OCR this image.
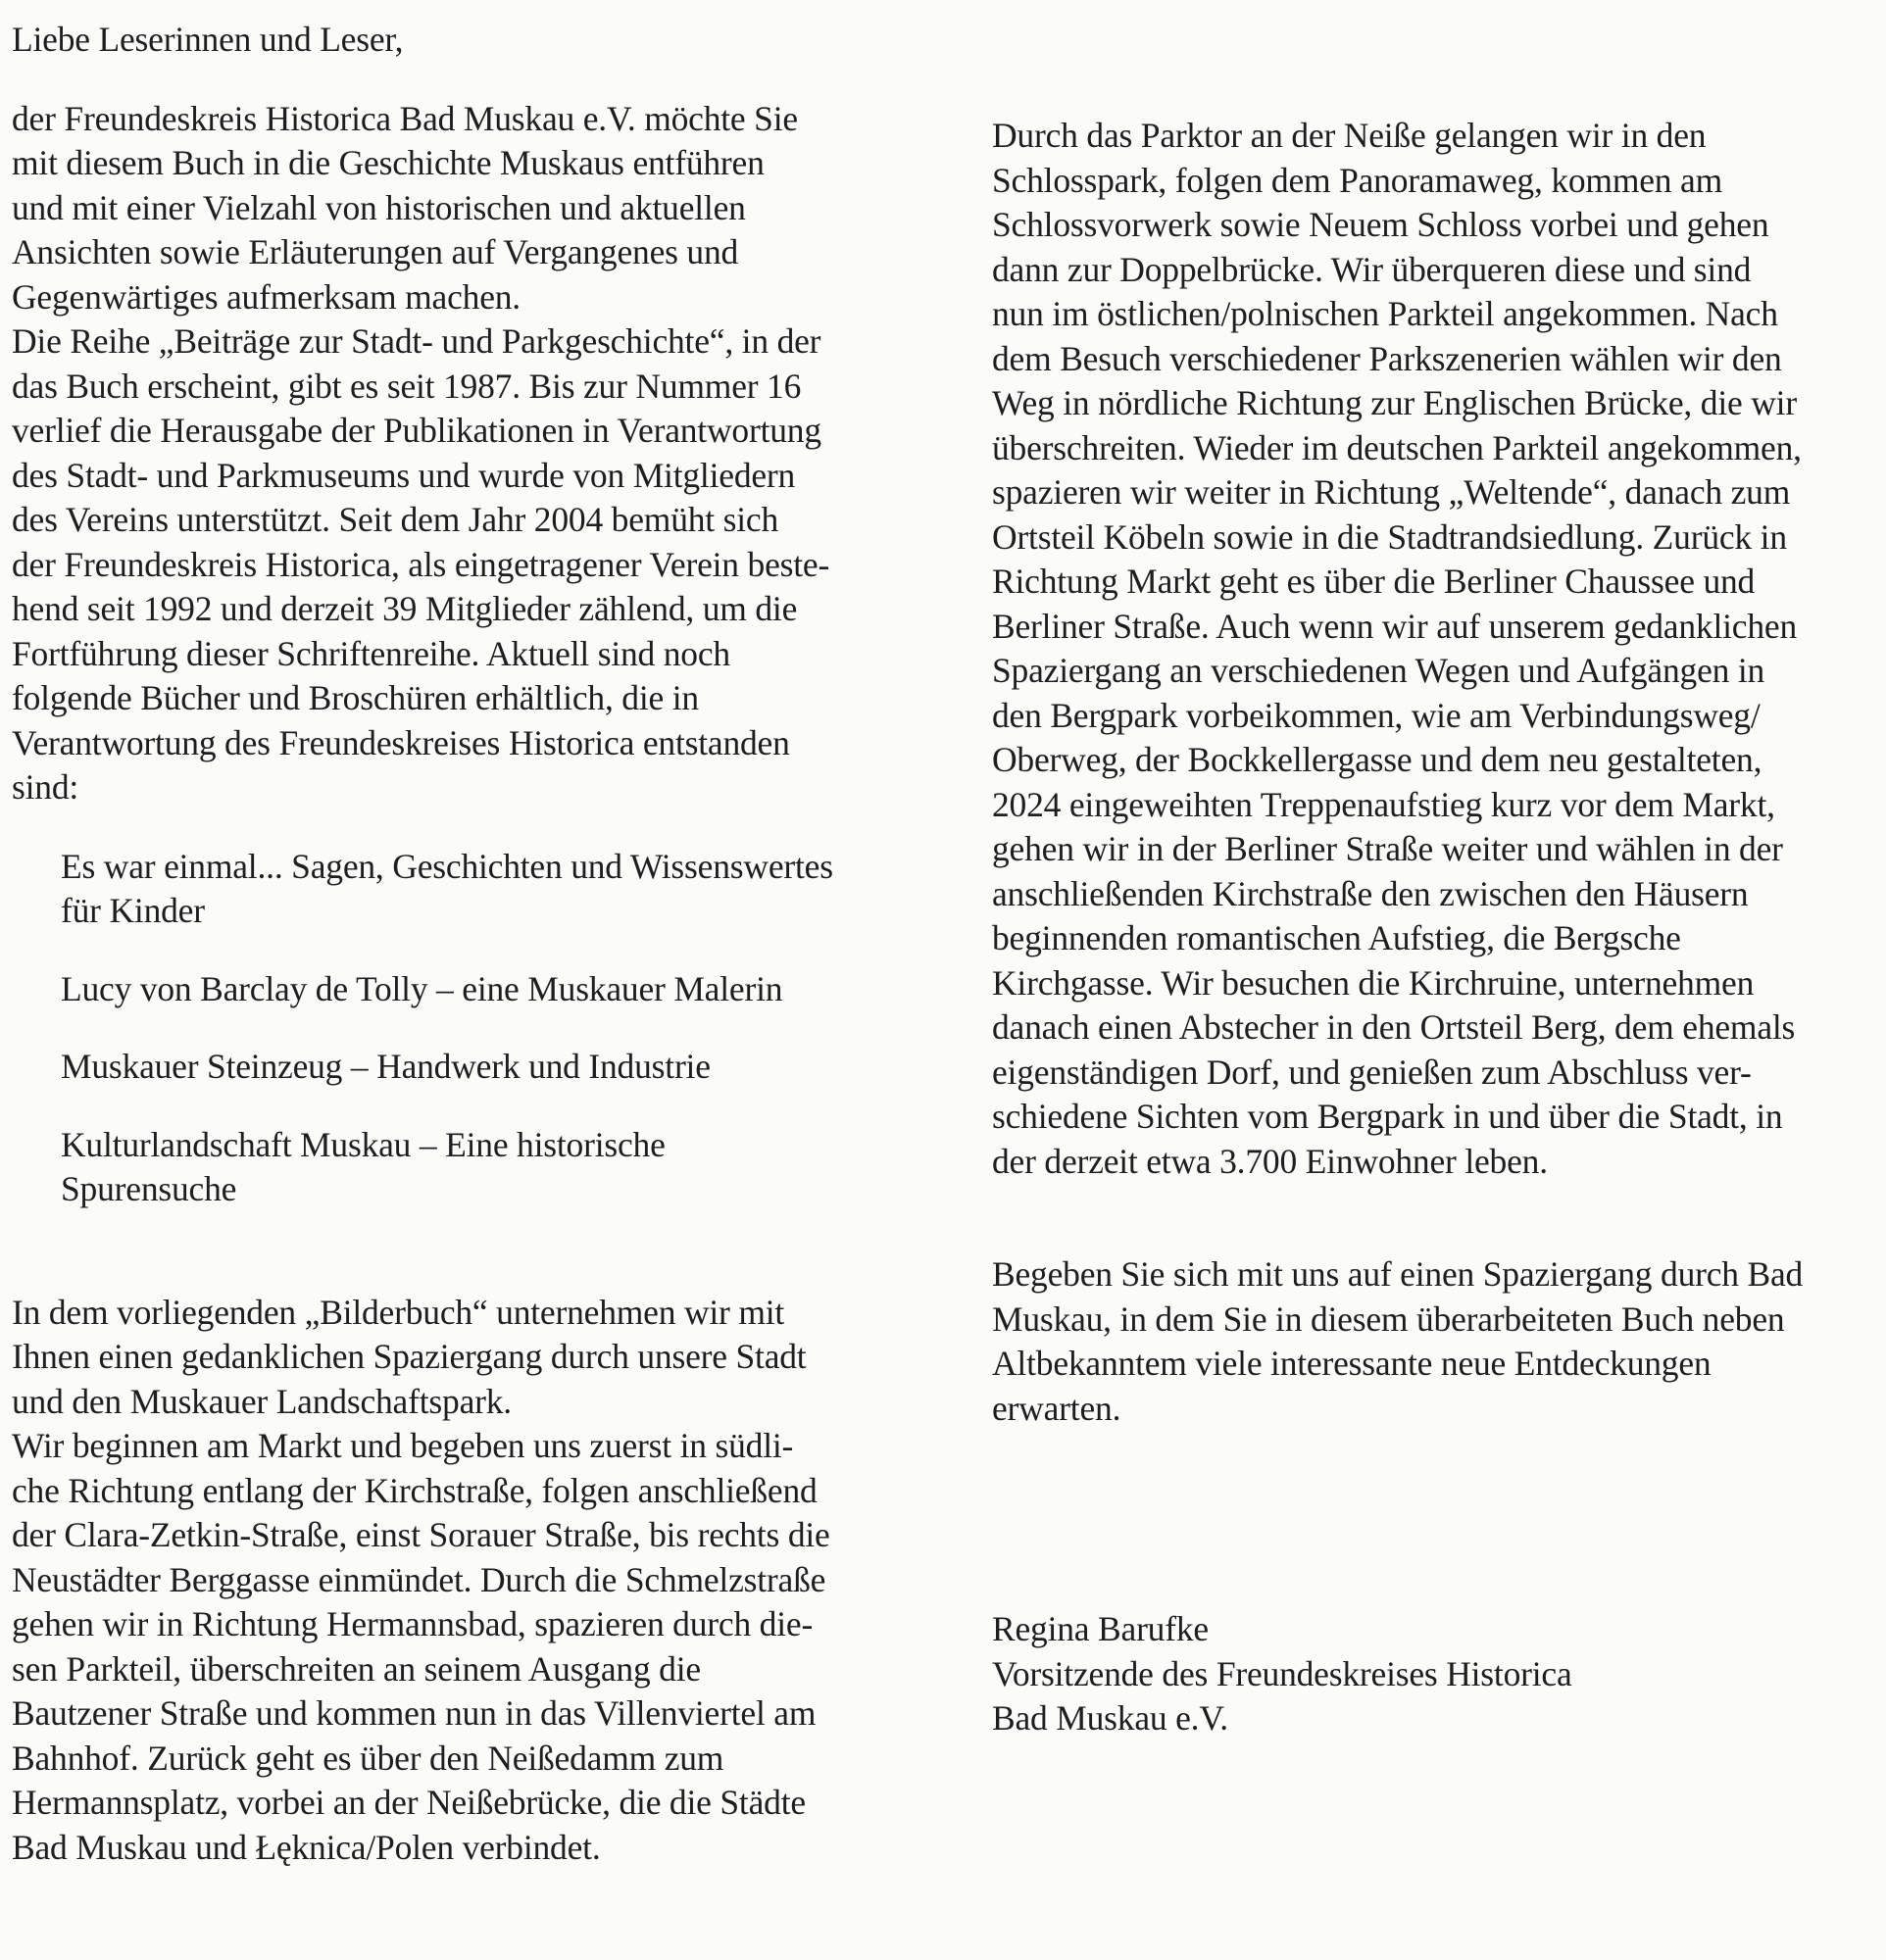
Liebe Leserinnen und Leser,
der Freundeskreis Historica Bad Muskau e.V. möchte Sie
mit diesem Buch in die Geschichte Muskaus entführen
und mit einer Vielzahl von historischen und aktuellen
Ansichten sowie Erläuterungen auf Vergangenes und
Gegenwärtiges aufmerksam machen.
Die Reihe „Beiträge zur Stadt- und Parkgeschichte“, in der
das Buch erscheint, gibt es seit 1987. Bis zur Nummer 16
verlief die Herausgabe der Publikationen in Verantwortung
des Stadt- und Parkmuseums und wurde von Mitgliedern
des Vereins unterstützt. Seit dem Jahr 2004 bemüht sich
der Freundeskreis Historica, als eingetragener Verein beste-
hend seit 1992 und derzeit 39 Mitglieder zählend, um die
Fortführung dieser Schriftenreihe. Aktuell sind noch
folgende Bücher und Broschüren erhältlich, die in
Verantwortung des Freundeskreises Historica entstanden
sind:
Es war einmal... Sagen, Geschichten und Wissenswertes
für Kinder
Lucy von Barclay de Tolly – eine Muskauer Malerin
Muskauer Steinzeug – Handwerk und Industrie
Kulturlandschaft Muskau – Eine historische
Spurensuche
In dem vorliegenden „Bilderbuch“ unternehmen wir mit
Ihnen einen gedanklichen Spaziergang durch unsere Stadt
und den Muskauer Landschaftspark.
Wir beginnen am Markt und begeben uns zuerst in südli-
che Richtung entlang der Kirchstraße, folgen anschließend
der Clara-Zetkin-Straße, einst Sorauer Straße, bis rechts die
Neustädter Berggasse einmündet. Durch die Schmelzstraße
gehen wir in Richtung Hermannsbad, spazieren durch die-
sen Parkteil, überschreiten an seinem Ausgang die
Bautzener Straße und kommen nun in das Villenviertel am
Bahnhof. Zurück geht es über den Neißedamm zum
Hermannsplatz, vorbei an der Neißebrücke, die die Städte
Bad Muskau und Łęknica/Polen verbindet.
Durch das Parktor an der Neiße gelangen wir in den
Schlosspark, folgen dem Panoramaweg, kommen am
Schlossvorwerk sowie Neuem Schloss vorbei und gehen
dann zur Doppelbrücke. Wir überqueren diese und sind
nun im östlichen/polnischen Parkteil angekommen. Nach
dem Besuch verschiedener Parkszenerien wählen wir den
Weg in nördliche Richtung zur Englischen Brücke, die wir
überschreiten. Wieder im deutschen Parkteil angekommen,
spazieren wir weiter in Richtung „Weltende“, danach zum
Ortsteil Köbeln sowie in die Stadtrandsiedlung. Zurück in
Richtung Markt geht es über die Berliner Chaussee und
Berliner Straße. Auch wenn wir auf unserem gedanklichen
Spaziergang an verschiedenen Wegen und Aufgängen in
den Bergpark vorbeikommen, wie am Verbindungsweg/
Oberweg, der Bockkellergasse und dem neu gestalteten,
2024 eingeweihten Treppenaufstieg kurz vor dem Markt,
gehen wir in der Berliner Straße weiter und wählen in der
anschließenden Kirchstraße den zwischen den Häusern
beginnenden romantischen Aufstieg, die Bergsche
Kirchgasse. Wir besuchen die Kirchruine, unternehmen
danach einen Abstecher in den Ortsteil Berg, dem ehemals
eigenständigen Dorf, und genießen zum Abschluss ver-
schiedene Sichten vom Bergpark in und über die Stadt, in
der derzeit etwa 3.700 Einwohner leben.
Begeben Sie sich mit uns auf einen Spaziergang durch Bad
Muskau, in dem Sie in diesem überarbeiteten Buch neben
Altbekanntem viele interessante neue Entdeckungen
erwarten.
Regina Barufke
Vorsitzende des Freundeskreises Historica
Bad Muskau e.V.
